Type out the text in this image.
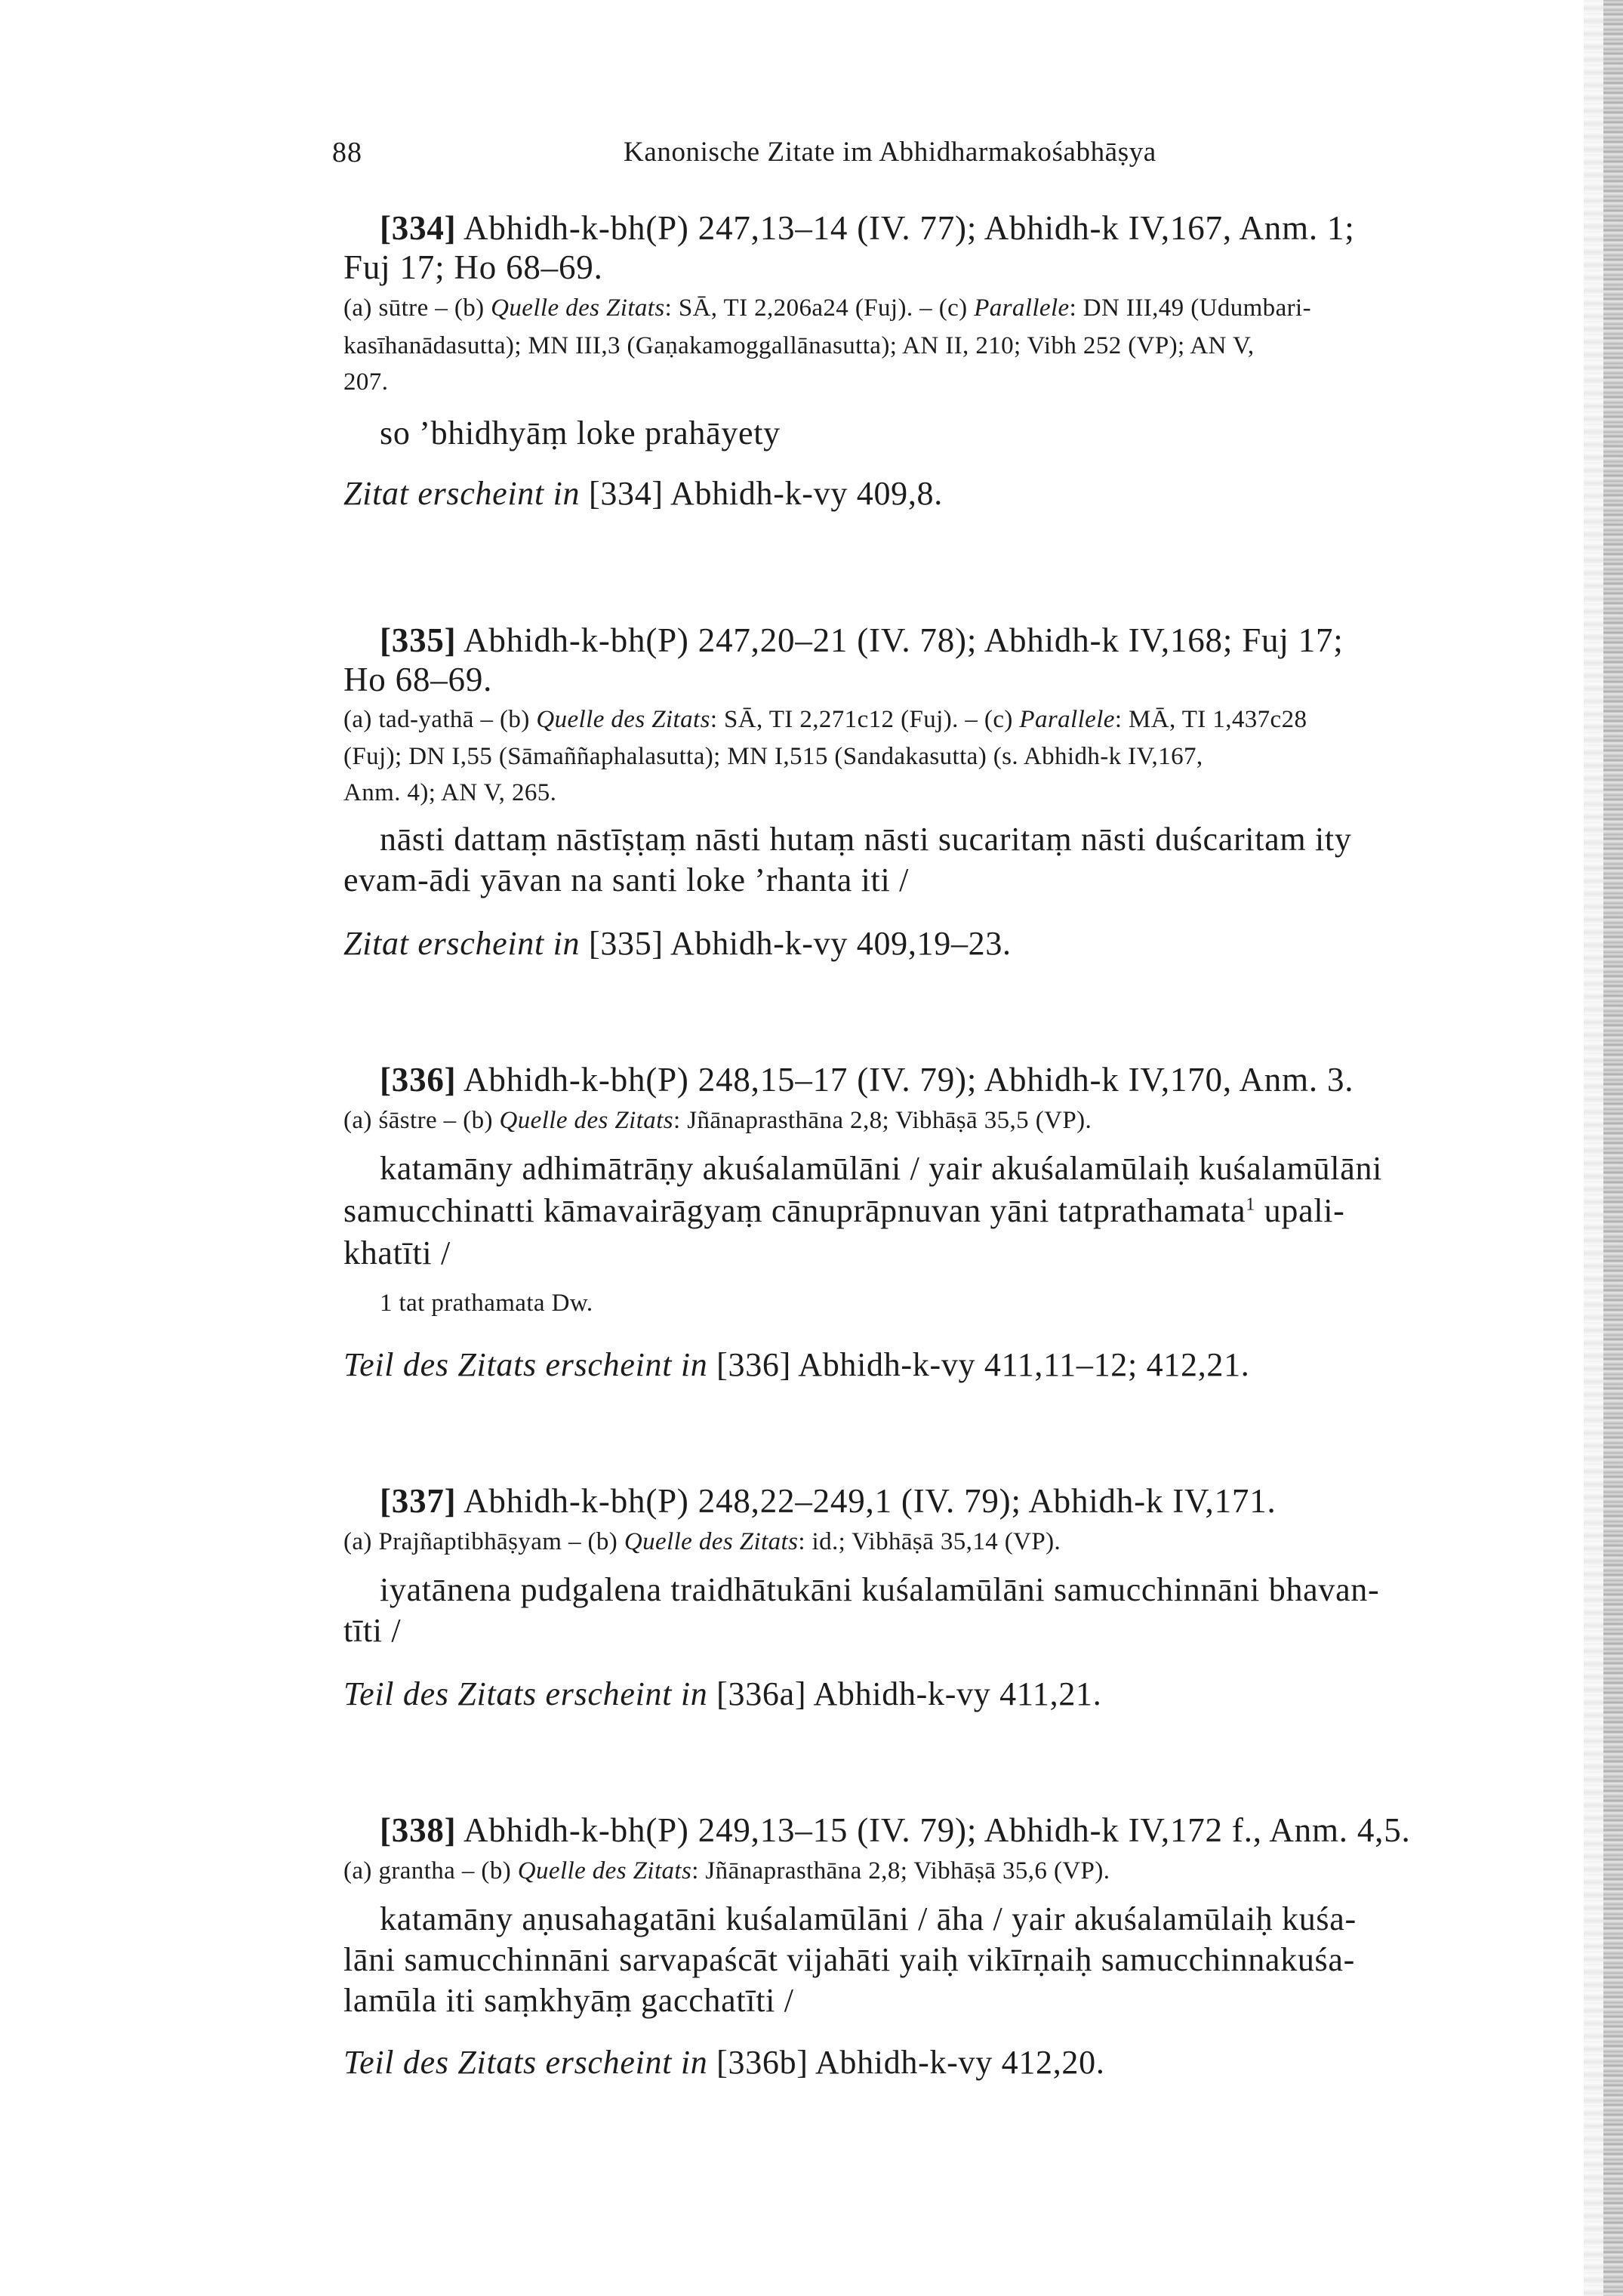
88	Kanonische Zitate im Abhidharmakośabhāṣya
[334] Abhidh-k-bh(P) 247,13–14 (IV. 77); Abhidh-k IV,167, Anm. 1;
Fuj 17; Ho 68–69.
(a) sūtre – (b) Quelle des Zitats: SĀ, TI 2,206a24 (Fuj). – (c) Parallele: DN III,49 (Udumbari-
kasīhanādasutta); MN III,3 (Gaṇakamoggallānasutta); AN II, 210; Vibh 252 (VP); AN V,
207.
so ’bhidhyāṃ loke prahāyety
Zitat erscheint in [334] Abhidh-k-vy 409,8.
[335] Abhidh-k-bh(P) 247,20–21 (IV. 78); Abhidh-k IV,168; Fuj 17;
Ho 68–69.
(a) tad-yathā – (b) Quelle des Zitats: SĀ, TI 2,271c12 (Fuj). – (c) Parallele: MĀ, TI 1,437c28
(Fuj); DN I,55 (Sāmaññaphalasutta); MN I,515 (Sandakasutta) (s. Abhidh-k IV,167,
Anm. 4); AN V, 265.
nāsti dattaṃ nāstīṣṭaṃ nāsti hutaṃ nāsti sucaritaṃ nāsti duścaritam ity
evam-ādi yāvan na santi loke ’rhanta iti /
Zitat erscheint in [335] Abhidh-k-vy 409,19–23.
[336] Abhidh-k-bh(P) 248,15–17 (IV. 79); Abhidh-k IV,170, Anm. 3.
(a) śāstre – (b) Quelle des Zitats: Jñānaprasthāna 2,8; Vibhāṣā 35,5 (VP).
katamāny adhimātrāṇy akuśalamūlāni / yair akuśalamūlaiḥ kuśalamūlāni
samucchinatti kāmavairāgyaṃ cānuprāpnuvan yāni tatprathamata$^1$ upali-
khatīti /
1 tat prathamata Dw.
Teil des Zitats erscheint in [336] Abhidh-k-vy 411,11–12; 412,21.
[337] Abhidh-k-bh(P) 248,22–249,1 (IV. 79); Abhidh-k IV,171.
(a) Prajñaptibhāṣyam – (b) Quelle des Zitats: id.; Vibhāṣā 35,14 (VP).
iyatānena pudgalena traidhātukāni kuśalamūlāni samucchinnāni bhavan-
tīti /
Teil des Zitats erscheint in [336a] Abhidh-k-vy 411,21.
[338] Abhidh-k-bh(P) 249,13–15 (IV. 79); Abhidh-k IV,172 f., Anm. 4,5.
(a) grantha – (b) Quelle des Zitats: Jñānaprasthāna 2,8; Vibhāṣā 35,6 (VP).
katamāny aṇusahagatāni kuśalamūlāni / āha / yair akuśalamūlaiḥ kuśa-
lāni samucchinnāni sarvapaścāt vijahāti yaiḥ vikīrṇaiḥ samucchinnakuśa-
lamūla iti saṃkhyāṃ gacchatīti /
Teil des Zitats erscheint in [336b] Abhidh-k-vy 412,20.
